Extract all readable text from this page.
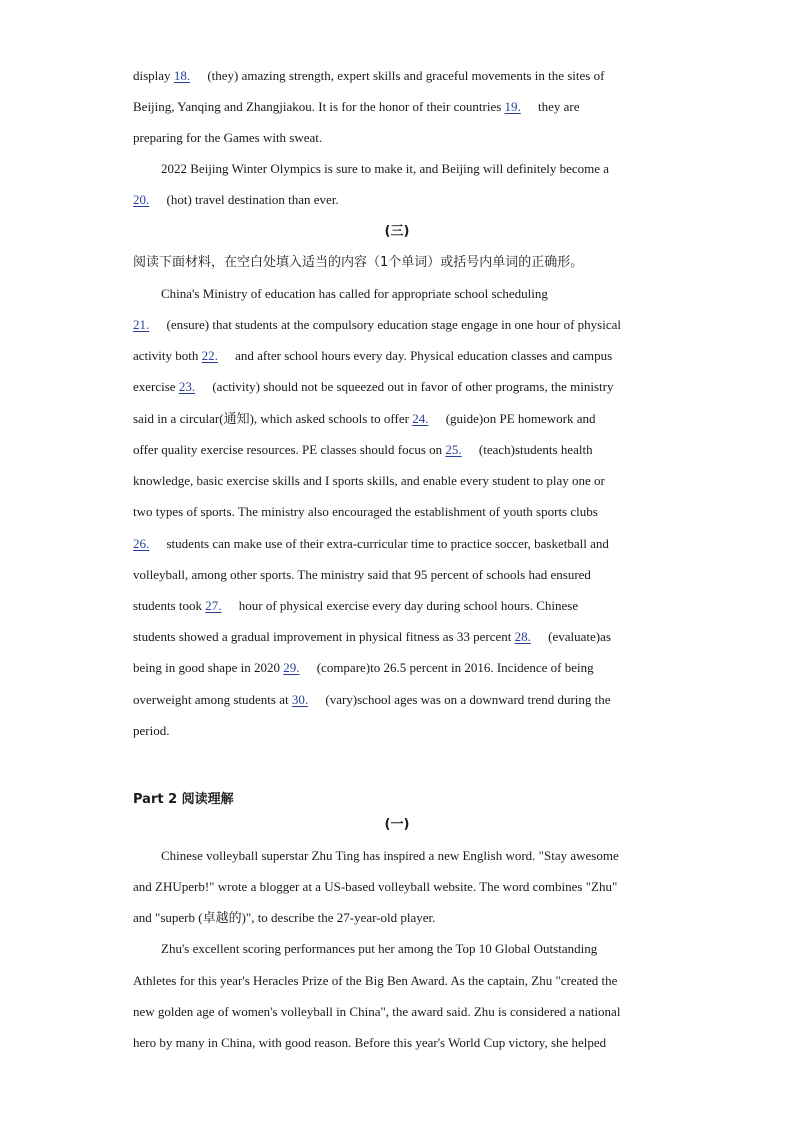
display 18. (they) amazing strength, expert skills and graceful movements in the sites of
Beijing, Yanqing and Zhangjiakou. It is for the honor of their countries 19. they are
preparing for the Games with sweat.
2022 Beijing Winter Olympics is sure to make it, and Beijing will definitely become a
20. (hot) travel destination than ever.
(三)
阅读下面材料，在空白处填入适当的内容（1个单词）或括号内单词的正确形。
China's Ministry of education has called for appropriate school scheduling
21. (ensure) that students at the compulsory education stage engage in one hour of physical
activity both 22. and after school hours every day. Physical education classes and campus
exercise 23. (activity) should not be squeezed out in favor of other programs, the ministry
said in a circular(通知), which asked schools to offer 24. (guide)on PE homework and
offer quality exercise resources. PE classes should focus on 25. (teach)students health
knowledge, basic exercise skills and I sports skills, and enable every student to play one or
two types of sports. The ministry also encouraged the establishment of youth sports clubs
26. students can make use of their extra-curricular time to practice soccer, basketball and
volleyball, among other sports. The ministry said that 95 percent of schools had ensured
students took 27. hour of physical exercise every day during school hours. Chinese
students showed a gradual improvement in physical fitness as 33 percent 28. (evaluate)as
being in good shape in 2020 29. (compare)to 26.5 percent in 2016. Incidence of being
overweight among students at 30. (vary)school ages was on a downward trend during the
period.
Part 2 阅读理解
(一)
Chinese volleyball superstar Zhu Ting has inspired a new English word. "Stay awesome
and ZHUperb!" wrote a blogger at a US-based volleyball website. The word combines "Zhu"
and "superb (卓越的)", to describe the 27-year-old player.
Zhu's excellent scoring performances put her among the Top 10 Global Outstanding
Athletes for this year's Heracles Prize of the Big Ben Award. As the captain, Zhu "created the
new golden age of women's volleyball in China", the award said. Zhu is considered a national
hero by many in China, with good reason. Before this year's World Cup victory, she helped
